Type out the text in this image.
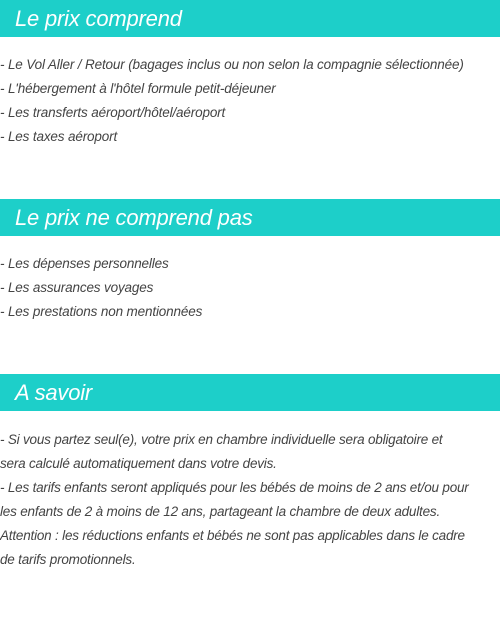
Le prix comprend
- Le Vol Aller / Retour (bagages inclus ou non selon la compagnie sélectionnée)
- L'hébergement à l'hôtel formule petit-déjeuner
- Les transferts aéroport/hôtel/aéroport
- Les taxes aéroport
Le prix ne comprend pas
- Les dépenses personnelles
- Les assurances voyages
- Les prestations non mentionnées
A savoir
- Si vous partez seul(e), votre prix en chambre individuelle sera obligatoire et
sera calculé automatiquement dans votre devis.
- Les tarifs enfants seront appliqués pour les bébés de moins de 2 ans et/ou pour
les enfants de 2 à moins de 12 ans, partageant la chambre de deux adultes.
Attention : les réductions enfants et bébés ne sont pas applicables dans le cadre
de tarifs promotionnels.
